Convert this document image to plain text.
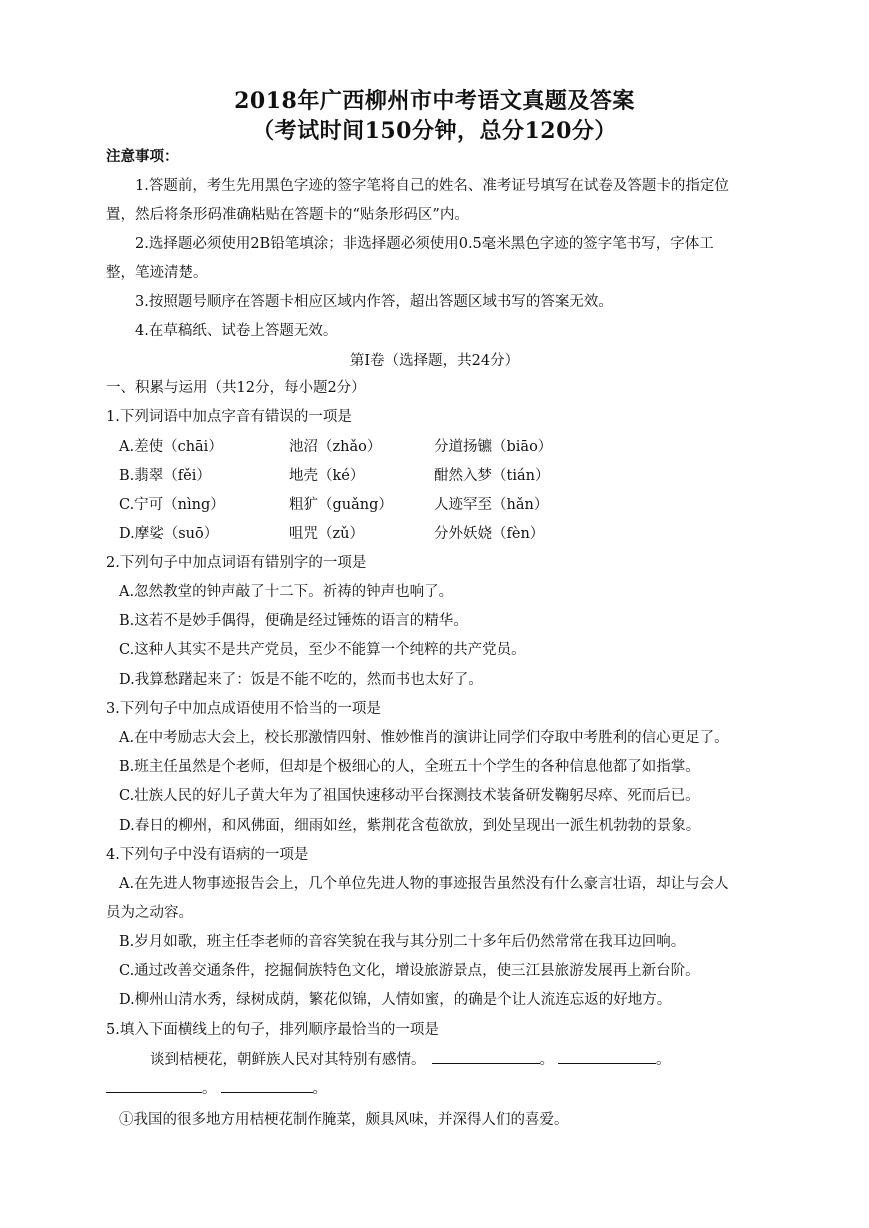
2018年广西柳州市中考语文真题及答案
（考试时间150分钟，总分120分）
注意事项：
1.答题前，考生先用黑色字迹的签字笔将自己的姓名、准考证号填写在试卷及答题卡的指定位
置，然后将条形码准确粘贴在答题卡的“贴条形码区”内。
2.选择题必须使用2B铅笔填涂；非选择题必须使用0.5毫米黑色字迹的签字笔书写，字体工
整，笔迹清楚。
3.按照题号顺序在答题卡相应区域内作答，超出答题区域书写的答案无效。
4.在草稿纸、试卷上答题无效。
第Ⅰ卷（选择题，共24分）
一、积累与运用（共12分，每小题2分）
1.下列词语中加点字音有错误的一项是
A.差使（chāi）	池沼（zhǎo）	分道扬镳（biāo）
B.翡翠（fěi）	地壳（ké）	酣然入梦（tián）
C.宁可（nìng）	粗犷（guǎng）	人迹罕至（hǎn）
D.摩娑（suō）	咀咒（zǔ）	分外妖娆（fèn）
2.下列句子中加点词语有错别字的一项是
A.忽然教堂的钟声敲了十二下。祈祷的钟声也响了。
B.这若不是妙手偶得，便确是经过锤炼的语言的精华。
C.这种人其实不是共产党员，至少不能算一个纯粹的共产党员。
D.我算愁躇起来了：饭是不能不吃的，然而书也太好了。
3.下列句子中加点成语使用不恰当的一项是
A.在中考励志大会上，校长那激情四射、惟妙惟肖的演讲让同学们夺取中考胜利的信心更足了。
B.班主任虽然是个老师，但却是个极细心的人，全班五十个学生的各种信息他都了如指掌。
C.壮族人民的好儿子黄大年为了祖国快速移动平台探测技术装备研发鞠躬尽瘁、死而后已。
D.春日的柳州，和风佛面，细雨如丝，紫荆花含苞欲放，到处呈现出一派生机勃勃的景象。
4.下列句子中没有语病的一项是
A.在先进人物事迹报告会上，几个单位先进人物的事迹报告虽然没有什么豪言壮语，却让与会人
员为之动容。
B.岁月如歌，班主任李老师的音容笑貌在我与其分别二十多年后仍然常常在我耳边回响。
C.通过改善交通条件，挖掘侗族特色文化，增设旅游景点，使三江县旅游发展再上新台阶。
D.柳州山清水秀，绿树成荫，繁花似锦，人情如蜜，的确是个让人流连忘返的好地方。
5.填入下面横线上的句子，排列顺序最恰当的一项是
谈到桔梗花，朝鲜族人民对其特别有感情。	。	。
。	。
①我国的很多地方用桔梗花制作腌菜，颇具风味，并深得人们的喜爱。
